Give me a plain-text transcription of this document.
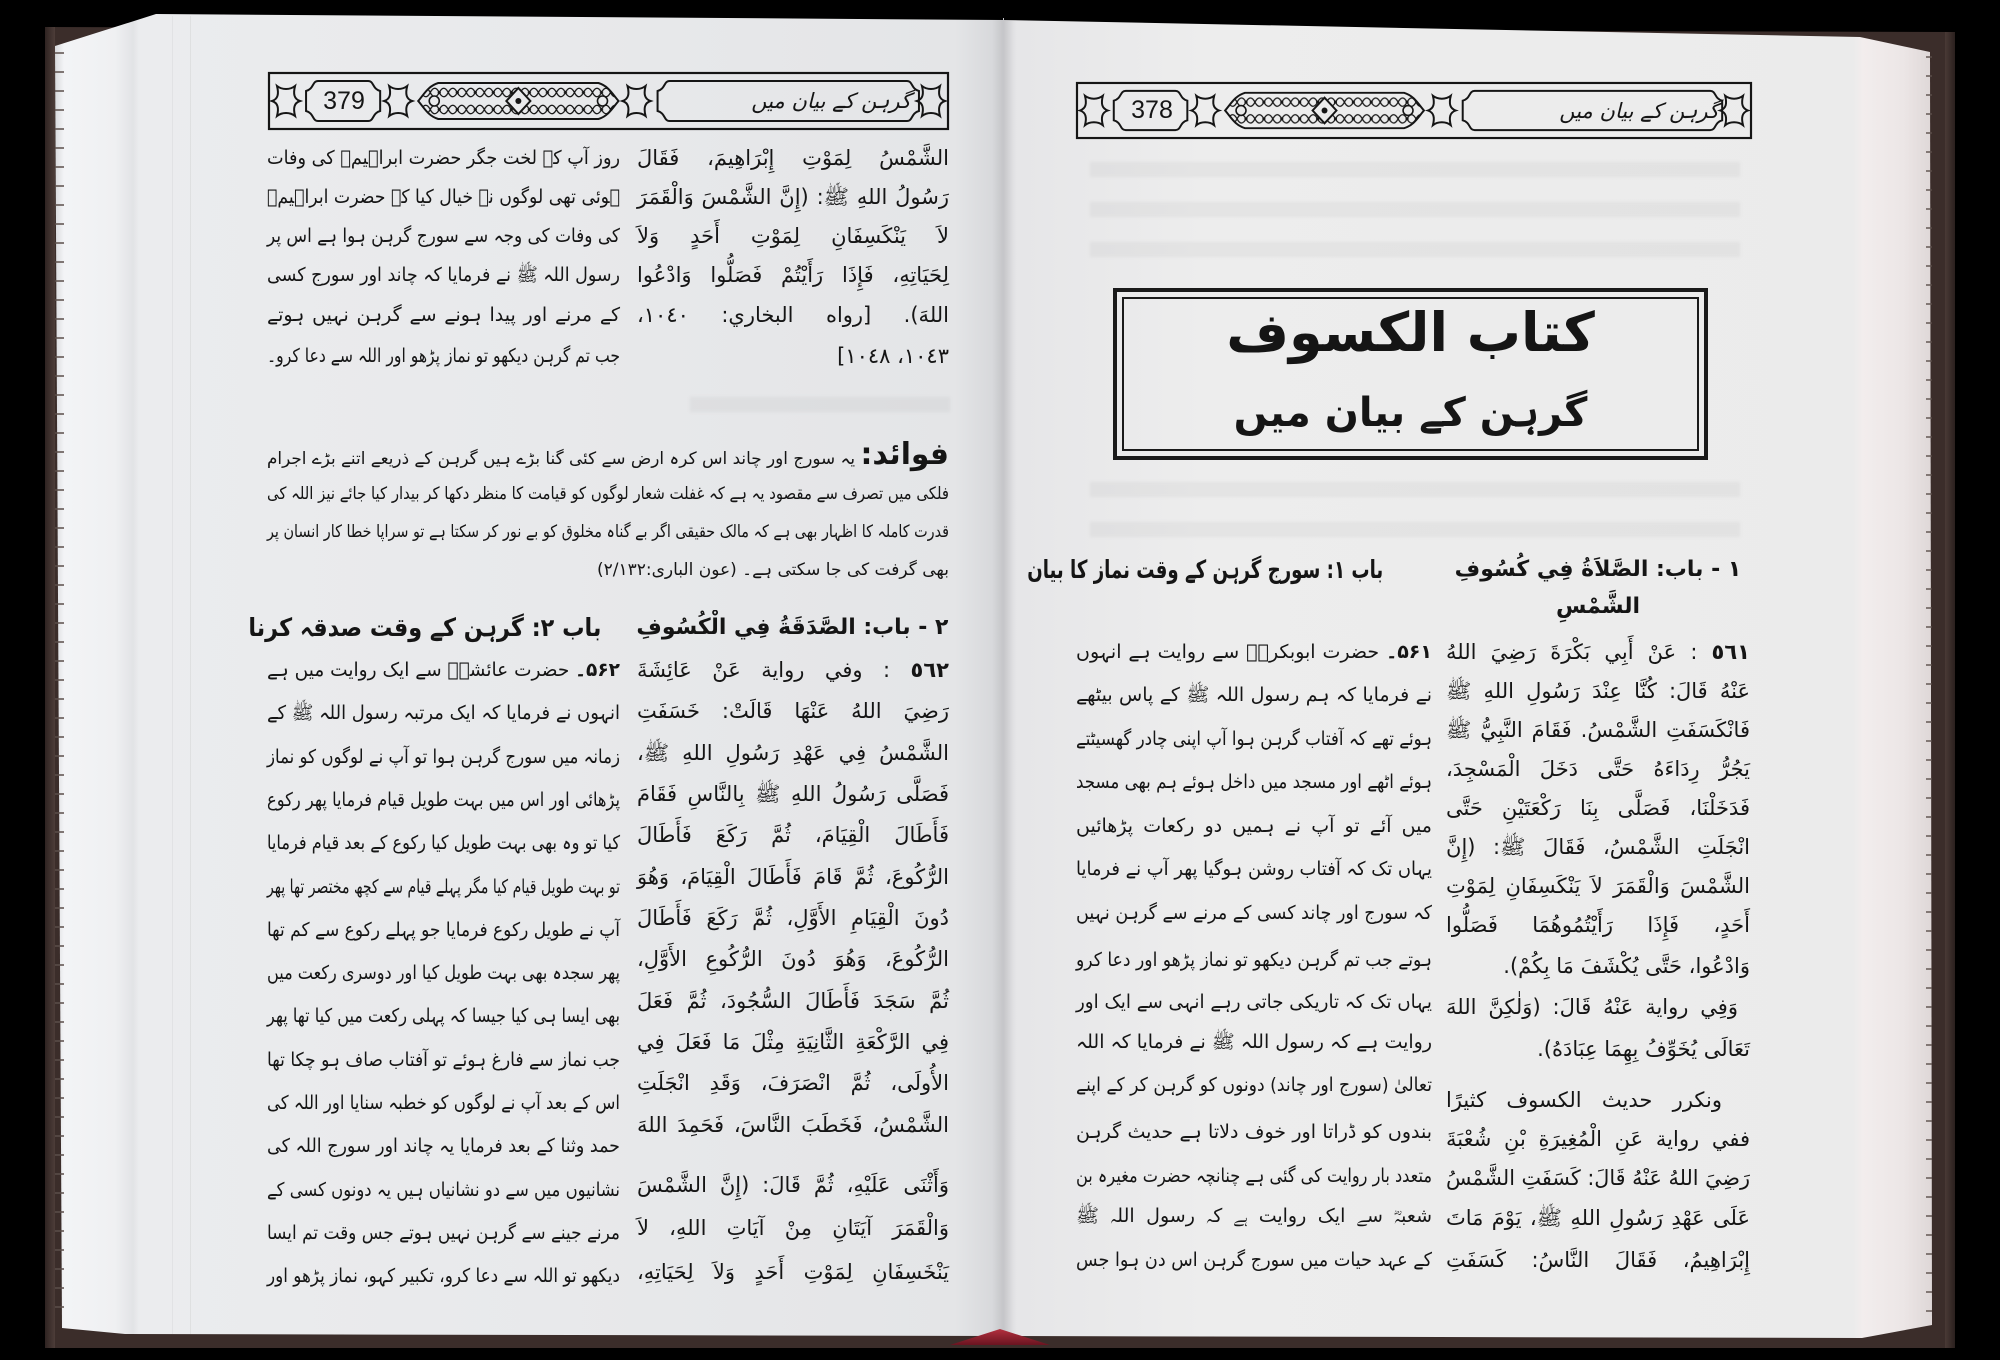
379	گرہن کے بیان میں	378	گرہن کے بیان میں
كتاب الكسوف
گرہن کے بیان میں
الشَّمْسُ لِمَوْتِ إِبْرَاهِيمَ، فَقَالَ
رَسُولُ اللهِ ﷺ: (إِنَّ الشَّمْسَ وَالْقَمَرَ
لاَ يَنْكَسِفَانِ لِمَوْتِ أَحَدٍ وَلاَ
لِحَيَاتِهِ، فَإِذَا رَأَيْتُمْ فَصَلُّوا وَادْعُوا
اللهَ). [رواه البخاري: ١٠٤٠،
١٠٤٣، ١٠٤٨]
روز آپ کے لخت جگر حضرت ابراہیمؓ کی وفات
ہوئی تھی لوگوں نے خیال کیا کہ حضرت ابراہیمؓ
کی وفات کی وجہ سے سورج گرہن ہوا ہے اس پر
رسول اللہ ﷺ نے فرمایا کہ چاند اور سورج کسی
کے مرنے اور پیدا ہونے سے گرہن نہیں ہوتے
جب تم گرہن دیکھو تو نماز پڑھو اور اللہ سے دعا کرو۔
فوائد: یہ سورج اور چاند اس کرہ ارض سے کئی گنا بڑے ہیں گرہن کے ذریعے اتنے بڑے اجرام
فلکی میں تصرف سے مقصود یہ ہے کہ غفلت شعار لوگوں کو قیامت کا منظر دکھا کر بیدار کیا جائے نیز اللہ کی
قدرت کاملہ کا اظہار بھی ہے کہ مالک حقیقی اگر بے گناہ مخلوق کو بے نور کر سکتا ہے تو سراپا خطا کار انسان پر
بھی گرفت کی جا سکتی ہے۔ (عون الباری:۲/۱۳۲)
٢ - باب: الصَّدَقَةُ فِي الْكُسُوفِ
باب ۲: گرہن کے وقت صدقہ کرنا
٥٦٢ : وفي رواية عَنْ عَائِشَةَ
رَضِيَ اللهُ عَنْهَا قَالَتْ: خَسَفَتِ
الشَّمْسُ فِي عَهْدِ رَسُولِ اللهِ ﷺ،
فَصَلَّى رَسُولُ اللهِ ﷺ بِالنَّاسِ فَقَامَ
فَأَطَالَ الْقِيَامَ، ثُمَّ رَكَعَ فَأَطَالَ
الرُّكُوعَ، ثُمَّ قَامَ فَأَطَالَ الْقِيَامَ، وَهُوَ
دُونَ الْقِيَامِ الأَوَّلِ، ثُمَّ رَكَعَ فَأَطَالَ
الرُّكُوعَ، وَهُوَ دُونَ الرُّكُوعِ الأَوَّلِ،
ثُمَّ سَجَدَ فَأَطَالَ السُّجُودَ، ثُمَّ فَعَلَ
فِي الرَّكْعَةِ الثَّانِيَةِ مِثْلَ مَا فَعَلَ فِي
الأُولَى، ثُمَّ انْصَرَفَ، وَقَدِ انْجَلَتِ
الشَّمْسُ، فَخَطَبَ النَّاسَ، فَحَمِدَ اللهَ
وَأَثْنَى عَلَيْهِ، ثُمَّ قَالَ: (إِنَّ الشَّمْسَ
وَالْقَمَرَ آيَتَانِ مِنْ آيَاتِ اللهِ، لاَ
يَنْخَسِفَانِ لِمَوْتِ أَحَدٍ وَلاَ لِحَيَاتِهِ،
۵۶۲۔ حضرت عائشہؓ سے ایک روایت میں ہے
انہوں نے فرمایا کہ ایک مرتبہ رسول اللہ ﷺ کے
زمانہ میں سورج گرہن ہوا تو آپ نے لوگوں کو نماز
پڑھائی اور اس میں بہت طویل قیام فرمایا پھر رکوع
کیا تو وہ بھی بہت طویل کیا رکوع کے بعد قیام فرمایا
تو بہت طویل قیام کیا مگر پہلے قیام سے کچھ مختصر تھا پھر
آپ نے طویل رکوع فرمایا جو پہلے رکوع سے کم تھا
پھر سجدہ بھی بہت طویل کیا اور دوسری رکعت میں
بھی ایسا ہی کیا جیسا کہ پہلی رکعت میں کیا تھا پھر
جب نماز سے فارغ ہوئے تو آفتاب صاف ہو چکا تھا
اس کے بعد آپ نے لوگوں کو خطبہ سنایا اور اللہ کی
حمد وثنا کے بعد فرمایا یہ چاند اور سورج اللہ کی
نشانیوں میں سے دو نشانیاں ہیں یہ دونوں کسی کے
مرنے جینے سے گرہن نہیں ہوتے جس وقت تم ایسا
دیکھو تو اللہ سے دعا کرو، تکبیر کہو، نماز پڑھو اور
١ - باب: الصَّلاَةُ فِي كُسُوفِ
الشَّمْسِ
باب ۱: سورج گرہن کے وقت نماز کا بیان
٥٦١ : عَنْ أَبِي بَكْرَةَ رَضِيَ اللهُ
عَنْهُ قَالَ: كُنَّا عِنْدَ رَسُولِ اللهِ ﷺ
فَانْكَسَفَتِ الشَّمْسُ. فَقَامَ النَّبِيُّ ﷺ
يَجُرُّ رِدَاءَهُ حَتَّى دَخَلَ الْمَسْجِدَ،
فَدَخَلْنَا، فَصَلَّى بِنَا رَكْعَتَيْنِ حَتَّى
انْجَلَتِ الشَّمْسُ، فَقَالَ ﷺ: (إِنَّ
الشَّمْسَ وَالْقَمَرَ لاَ يَنْكَسِفَانِ لِمَوْتِ
أَحَدٍ، فَإِذَا رَأَيْتُمُوهُمَا فَصَلُّوا
وَادْعُوا، حَتَّى يُكْشَفَ مَا بِكُمْ).
وَفِي رواية عَنْهُ قَالَ: (وَلٰكِنَّ اللهَ
تَعَالَى يُخَوِّفُ بِهِمَا عِبَادَهُ).
ونكرر حديث الكسوف كثيرًا
ففي رواية عَنِ الْمُغِيرَةِ بْنِ شُعْبَةَ
رَضِيَ اللهُ عَنْهُ قَالَ: كَسَفَتِ الشَّمْسُ
عَلَى عَهْدِ رَسُولِ اللهِ ﷺ، يَوْمَ مَاتَ
إِبْرَاهِيمُ، فَقَالَ النَّاسُ: كَسَفَتِ
۵۶۱۔ حضرت ابوبکرۃؓ سے روایت ہے انہوں
نے فرمایا کہ ہم رسول اللہ ﷺ کے پاس بیٹھے
ہوئے تھے کہ آفتاب گرہن ہوا آپ اپنی چادر گھسیٹتے
ہوئے اٹھے اور مسجد میں داخل ہوئے ہم بھی مسجد
میں آئے تو آپ نے ہمیں دو رکعات پڑھائیں
یہاں تک کہ آفتاب روشن ہوگیا پھر آپ نے فرمایا
کہ سورج اور چاند کسی کے مرنے سے گرہن نہیں
ہوتے جب تم گرہن دیکھو تو نماز پڑھو اور دعا کرو
یہاں تک کہ تاریکی جاتی رہے انہی سے ایک اور
روایت ہے کہ رسول اللہ ﷺ نے فرمایا کہ اللہ
تعالیٰ (سورج اور چاند) دونوں کو گرہن کر کے اپنے
بندوں کو ڈراتا اور خوف دلاتا ہے حدیث گرہن
متعدد بار روایت کی گئی ہے چنانچہ حضرت مغیرہ بن
شعبہؓ سے ایک روایت ہے کہ رسول اللہ ﷺ
کے عہد حیات میں سورج گرہن اس دن ہوا جس
